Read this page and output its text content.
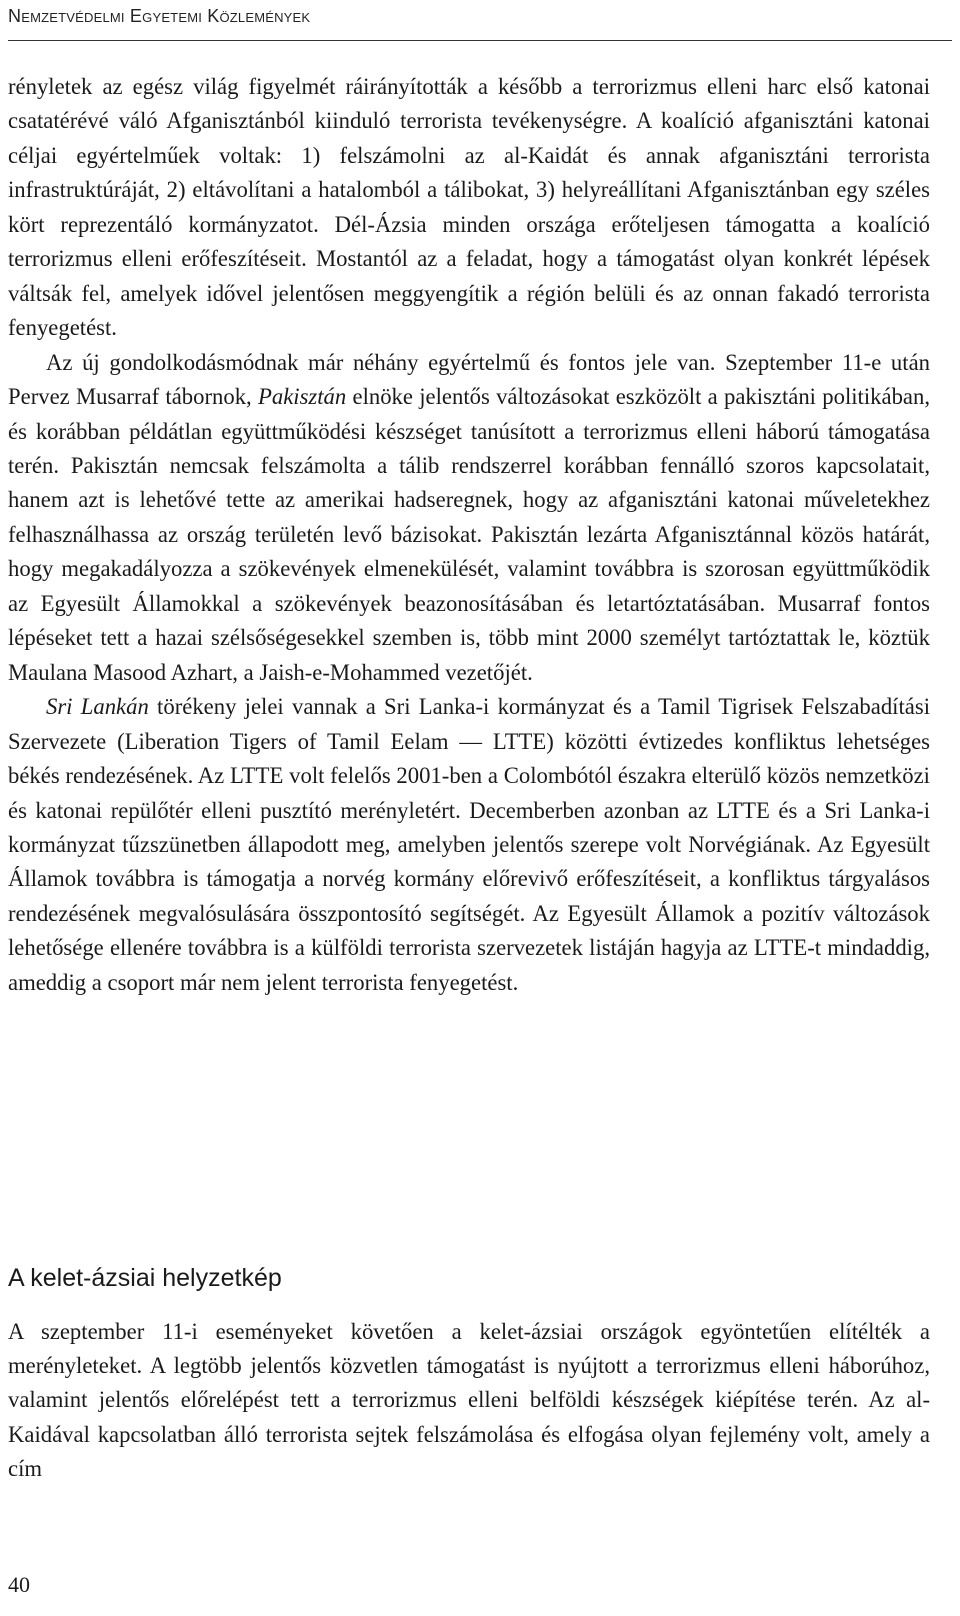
Nemzetvédelmi Egyetemi Közlemények

rényletek az egész világ figyelmét ráirányították a később a terrorizmus elleni harc első katonai csatatérévé váló Afganisztánból kiinduló terrorista tevékenységre. A koalíció afganisztáni katonai céljai egyértelműek voltak: 1) felszámolni az al-Kaidát és annak afganisztáni terrorista infrastruktúráját, 2) eltávolítani a hatalomból a tálibokat, 3) helyreállítani Afganisztánban egy széles kört reprezentáló kormányzatot. Dél-Ázsia minden országa erőteljesen támogatta a koalíció terrorizmus elleni erőfeszítéseit. Mostantól az a feladat, hogy a támogatást olyan konkrét lépések váltsák fel, amelyek idővel jelentősen meggyengítik a régión belüli és az onnan fakadó terrorista fenyegetést.

Az új gondolkodásmódnak már néhány egyértelmű és fontos jele van. Szeptember 11-e után Pervez Musarraf tábornok, Pakisztán elnöke jelentős változásokat eszközölt a pakisztáni politikában, és korábban példátlan együttműködési készséget tanúsított a terrorizmus elleni háború támogatása terén. Pakisztán nemcsak felszámolta a tálib rendszerrel korábban fennálló szoros kapcsolatait, hanem azt is lehetővé tette az amerikai hadseregnek, hogy az afganisztáni katonai műveletekhez felhasználhassa az ország területén levő bázisokat. Pakisztán lezárta Afganisztánnal közös határát, hogy megakadályozza a szökevények elmenekülését, valamint továbbra is szorosan együttműködik az Egyesült Államokkal a szökevények beazonosításában és letartóztatásában. Musarraf fontos lépéseket tett a hazai szélsőségesekkel szemben is, több mint 2000 személyt tartóztattak le, köztük Maulana Masood Azhart, a Jaish-e-Mohammed vezetőjét.

Sri Lankán törékeny jelei vannak a Sri Lanka-i kormányzat és a Tamil Tigrisek Felszabadítási Szervezete (Liberation Tigers of Tamil Eelam — LTTE) közötti évtizedes konfliktus lehetséges békés rendezésének. Az LTTE volt felelős 2001-ben a Colombótól északra elterülő közös nemzetközi és katonai repülőtér elleni pusztító merényletért. Decemberben azonban az LTTE és a Sri Lanka-i kormányzat tűzszünetben állapodott meg, amelyben jelentős szerepe volt Norvégiának. Az Egyesült Államok továbbra is támogatja a norvég kormány előrevivő erőfeszítéseit, a konfliktus tárgyalásos rendezésének megvalósulására összpontosító segítségét. Az Egyesült Államok a pozitív változások lehetősége ellenére továbbra is a külföldi terrorista szervezetek listáján hagyja az LTTE-t mindaddig, ameddig a csoport már nem jelent terrorista fenyegetést.

A kelet-ázsiai helyzetkép

A szeptember 11-i eseményeket követően a kelet-ázsiai országok egyöntetűen elítélték a merényleteket. A legtöbb jelentős közvetlen támogatást is nyújtott a terrorizmus elleni háborúhoz, valamint jelentős előrelépést tett a terrorizmus elleni belföldi készségek kiépítése terén. Az al-Kaidával kapcsolatban álló terrorista sejtek felszámolása és elfogása olyan fejlemény volt, amely a cím

40
